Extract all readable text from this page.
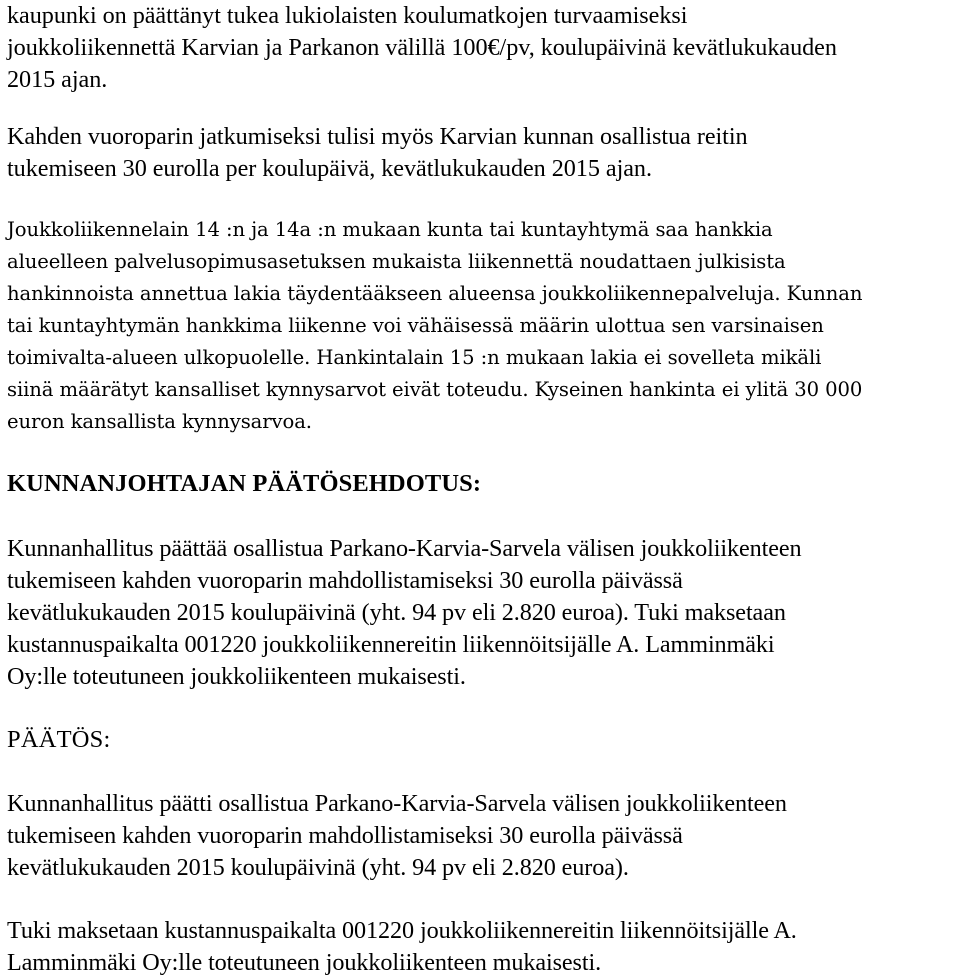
kaupunki on päättänyt tukea lukiolaisten koulumatkojen turvaamiseksi
joukkoliikennettä Karvian ja Parkanon välillä 100€/pv, koulupäivinä kevätlukukauden
2015 ajan.

Kahden vuoroparin jatkumiseksi tulisi myös Karvian kunnan osallistua reitin
tukemiseen 30 eurolla per koulupäivä, kevätlukukauden 2015 ajan.

Joukkoliikennelain 14 :n ja 14a :n mukaan kunta tai kuntayhtymä saa hankkia
alueelleen palvelusopimusasetuksen mukaista liikennettä noudattaen julkisista
hankinnoista annettua lakia täydentääkseen alueensa joukkoliikennepalveluja. Kunnan
tai kuntayhtymän hankkima liikenne voi vähäisessä määrin ulottua sen varsinaisen
toimivalta-alueen ulkopuolelle. Hankintalain 15 :n mukaan lakia ei sovelleta mikäli
siinä määrätyt kansalliset kynnysarvot eivät toteudu. Kyseinen hankinta ei ylitä 30 000
euron kansallista kynnysarvoa.

KUNNANJOHTAJAN PÄÄTÖSEHDOTUS:

Kunnanhallitus päättää osallistua Parkano-Karvia-Sarvela välisen joukkoliikenteen
tukemiseen kahden vuoroparin mahdollistamiseksi 30 eurolla päivässä
kevätlukukauden 2015 koulupäivinä (yht. 94 pv eli 2.820 euroa). Tuki maksetaan
kustannuspaikalta 001220 joukkoliikennereitin liikennöitsijälle A. Lamminmäki
Oy:lle toteutuneen joukkoliikenteen mukaisesti.

PÄÄTÖS:

Kunnanhallitus päätti osallistua Parkano-Karvia-Sarvela välisen joukkoliikenteen
tukemiseen kahden vuoroparin mahdollistamiseksi 30 eurolla päivässä
kevätlukukauden 2015 koulupäivinä (yht. 94 pv eli 2.820 euroa).

Tuki maksetaan kustannuspaikalta 001220 joukkoliikennereitin liikennöitsijälle A.
Lamminmäki Oy:lle toteutuneen joukkoliikenteen mukaisesti.
